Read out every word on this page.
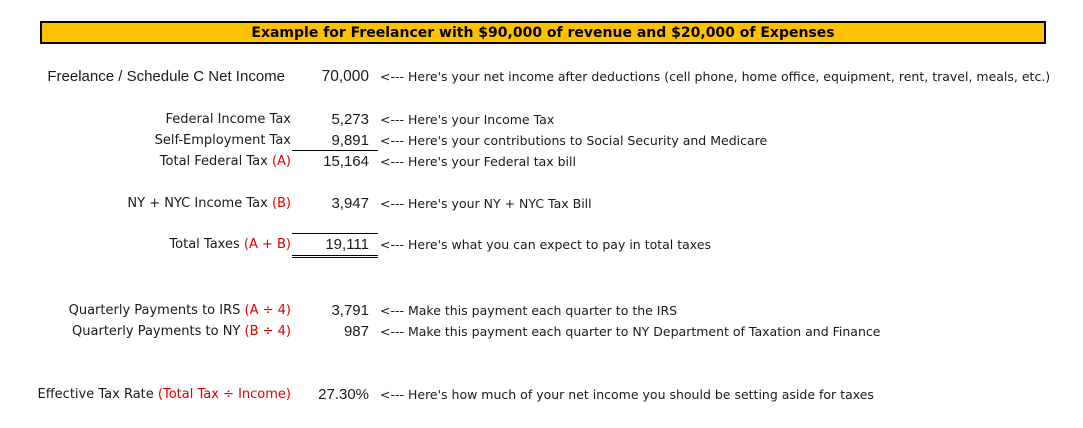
Example for Freelancer with $90,000 of revenue and $20,000 of Expenses
Freelance / Schedule C Net Income 70,000 <--- Here's your net income after deductions (cell phone, home office, equipment, rent, travel, meals, etc.)
Federal Income Tax	5,273 <--- Here's your Income Tax
Self-Employment Tax	9,891 <--- Here's your contributions to Social Security and Medicare
Total Federal Tax (A) 15,164 <--- Here's your Federal tax bill
NY + NYC Income Tax (B)	3,947 <--- Here's your NY + NYC Tax Bill
Total Taxes (A + B) 19,111 <--- Here's what you can expect to pay in total taxes
Quarterly Payments to IRS (A ÷ 4)	3,791 <--- Make this payment each quarter to the IRS
Quarterly Payments to NY (B ÷ 4)	987 <--- Make this payment each quarter to NY Department of Taxation and Finance
Effective Tax Rate (Total Tax ÷ Income) 27.30% <--- Here's how much of your net income you should be setting aside for taxes
